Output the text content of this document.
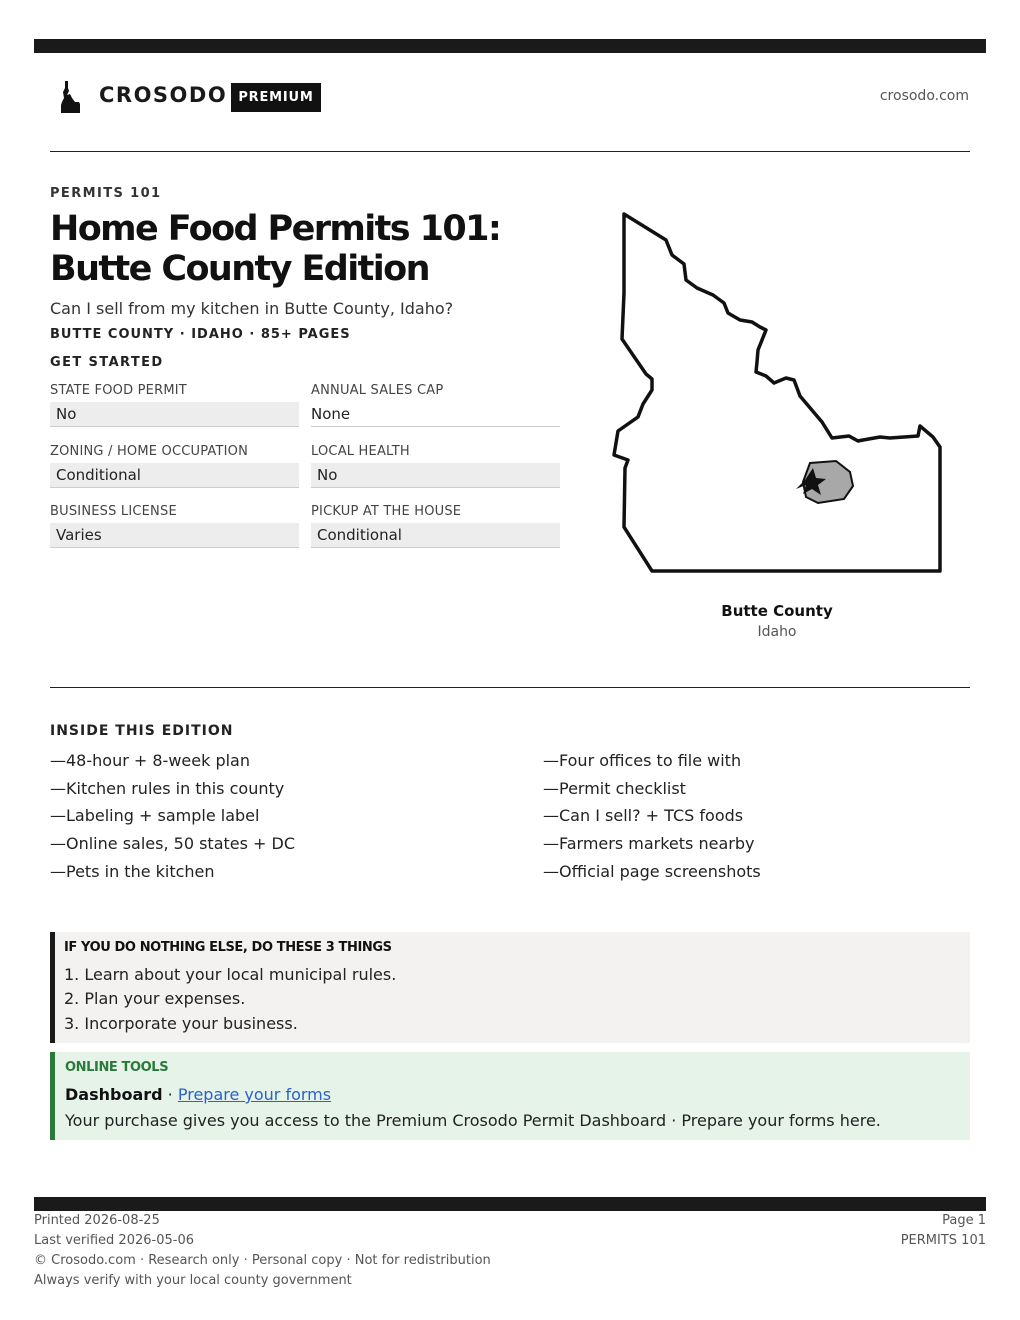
CROSODO PREMIUM	crosodo.com
PERMITS 101
Home Food Permits 101: Butte County Edition
Can I sell from my kitchen in Butte County, Idaho?
BUTTE COUNTY · IDAHO · 85+ PAGES
GET STARTED
STATE FOOD PERMIT
No
ANNUAL SALES CAP
None
ZONING / HOME OCCUPATION
Conditional
LOCAL HEALTH
No
BUSINESS LICENSE
Varies
PICKUP AT THE HOUSE
Conditional
Butte County
Idaho
INSIDE THIS EDITION
—48-hour + 8-week plan
—Kitchen rules in this county
—Labeling + sample label
—Online sales, 50 states + DC
—Pets in the kitchen
—Four offices to file with
—Permit checklist
—Can I sell? + TCS foods
—Farmers markets nearby
—Official page screenshots
IF YOU DO NOTHING ELSE, DO THESE 3 THINGS
1. Learn about your local municipal rules.
2. Plan your expenses.
3. Incorporate your business.
ONLINE TOOLS
Dashboard · Prepare your forms
Your purchase gives you access to the Premium Crosodo Permit Dashboard · Prepare your forms here.
Printed 2026-08-25
Last verified 2026-05-06
© Crosodo.com · Research only · Personal copy · Not for redistribution
Always verify with your local county government
Page 1
PERMITS 101
